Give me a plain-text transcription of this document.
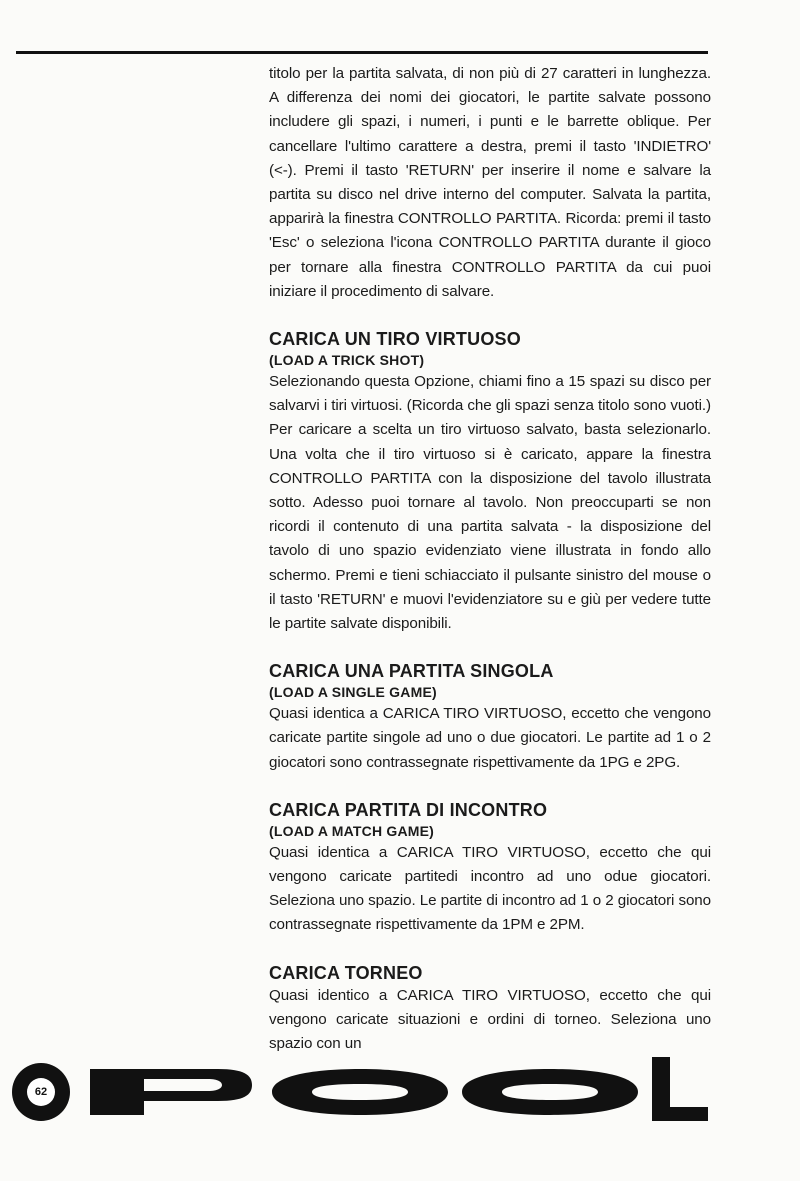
titolo per la partita salvata, di non più di 27 caratteri in lunghezza. A differenza dei nomi dei giocatori, le partite salvate possono includere gli spazi, i numeri, i punti e le barrette oblique. Per cancellare l'ultimo carattere a destra, premi il tasto 'INDIETRO' (<-). Premi il tasto 'RETURN' per inserire il nome e salvare la partita su disco nel drive interno del computer. Salvata la partita, apparirà la finestra CONTROLLO PARTITA. Ricorda: premi il tasto 'Esc' o seleziona l'icona CONTROLLO PARTITA durante il gioco per tornare alla finestra CONTROLLO PARTITA da cui puoi iniziare il procedimento di salvare.

CARICA UN TIRO VIRTUOSO
(LOAD A TRICK SHOT)

Selezionando questa Opzione, chiami fino a 15 spazi su disco per salvarvi i tiri virtuosi. (Ricorda che gli spazi senza titolo sono vuoti.) Per caricare a scelta un tiro virtuoso salvato, basta selezionarlo. Una volta che il tiro virtuoso si è caricato, appare la finestra CONTROLLO PARTITA con la disposizione del tavolo illustrata sotto. Adesso puoi tornare al tavolo. Non preoccuparti se non ricordi il contenuto di una partita salvata - la disposizione del tavolo di uno spazio evidenziato viene illustrata in fondo allo schermo. Premi e tieni schiacciato il pulsante sinistro del mouse o il tasto 'RETURN' e muovi l'evidenziatore su e giù per vedere tutte le partite salvate disponibili.

CARICA UNA PARTITA SINGOLA
(LOAD A SINGLE GAME)

Quasi identica a CARICA TIRO VIRTUOSO, eccetto che vengono caricate partite singole ad uno o due giocatori. Le partite ad 1 o 2 giocatori sono contrassegnate rispettivamente da 1PG e 2PG.

CARICA PARTITA DI INCONTRO
(LOAD A MATCH GAME)

Quasi identica a CARICA TIRO VIRTUOSO, eccetto che qui vengono caricate partitedi incontro ad uno odue giocatori. Seleziona uno spazio. Le partite di incontro ad 1 o 2 giocatori sono contrassegnate rispettivamente da 1PM e 2PM.

CARICA TORNEO

Quasi identico a CARICA TIRO VIRTUOSO, eccetto che qui vengono caricate situazioni e ordini di torneo. Seleziona uno spazio con un

62
